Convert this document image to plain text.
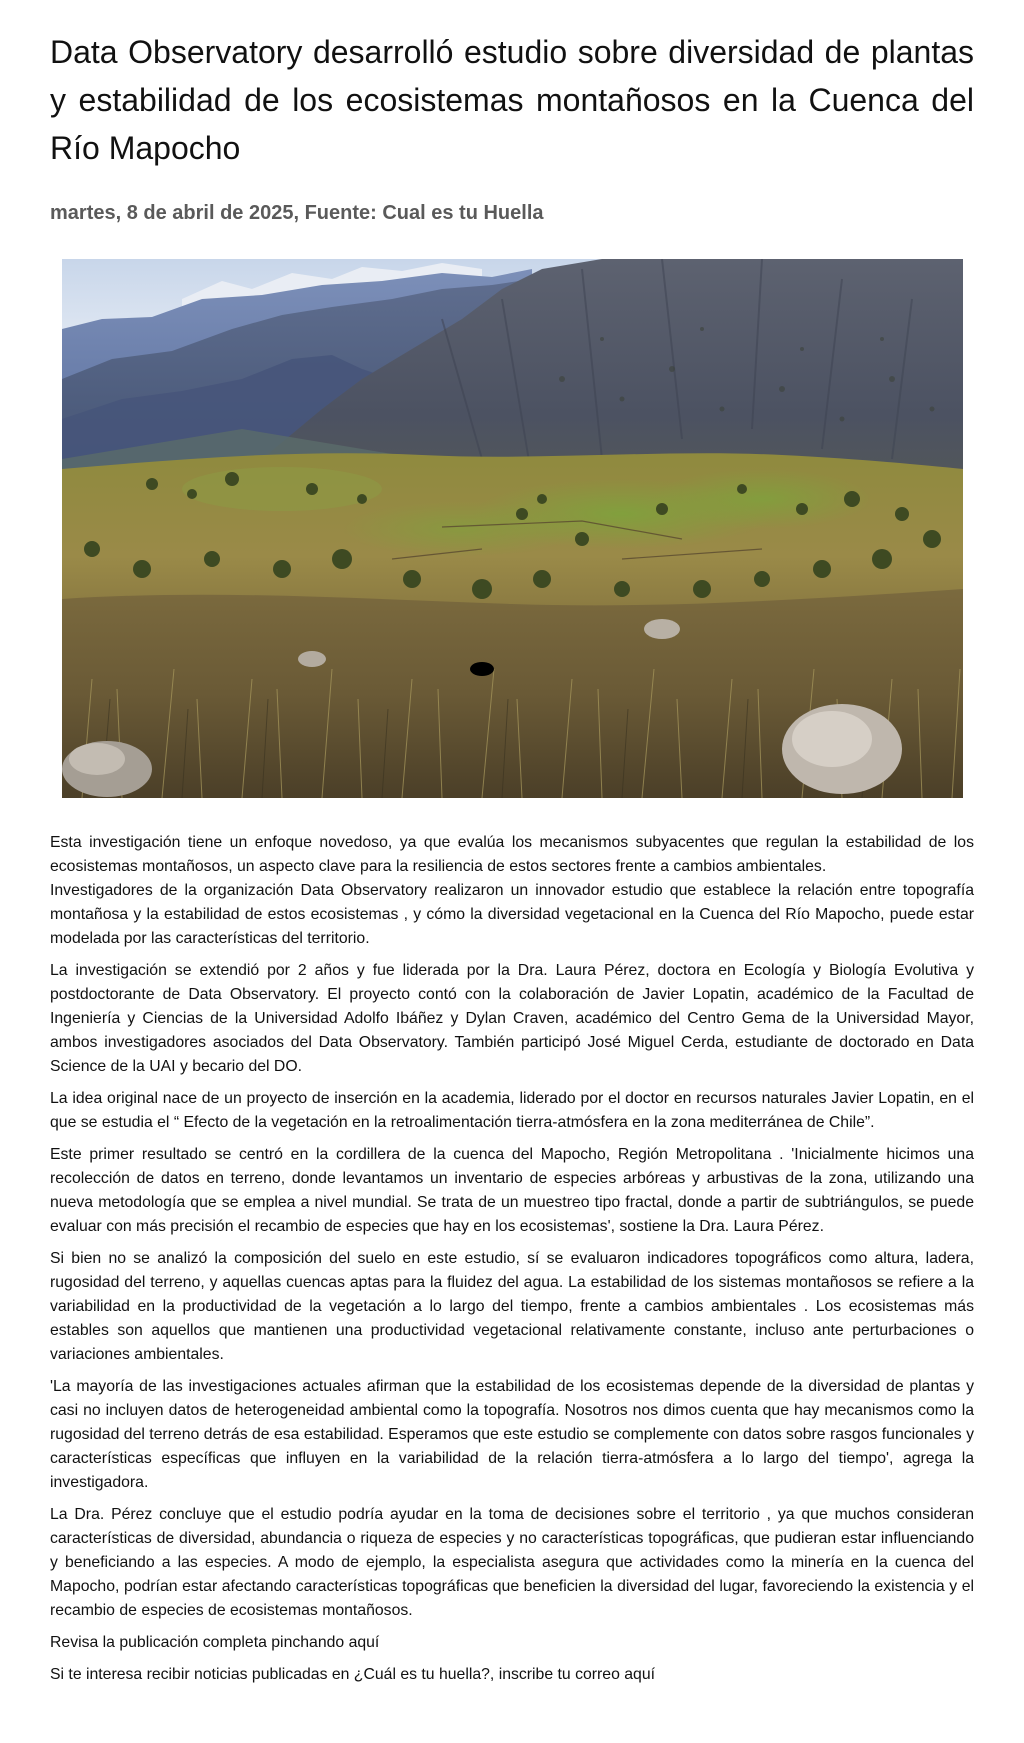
Data Observatory desarrolló estudio sobre diversidad de plantas y estabilidad de los ecosistemas montañosos en la Cuenca del Río Mapocho
martes, 8 de abril de 2025, Fuente: Cual es tu Huella

Esta investigación tiene un enfoque novedoso, ya que evalúa los mecanismos subyacentes que regulan la estabilidad de los ecosistemas montañosos, un aspecto clave para la resiliencia de estos sectores frente a cambios ambientales.

Investigadores de la organización Data Observatory realizaron un innovador estudio que establece la relación entre topografía montañosa y la estabilidad de estos ecosistemas , y cómo la diversidad vegetacional en la Cuenca del Río Mapocho, puede estar modelada por las características del territorio.

La investigación se extendió por 2 años y fue liderada por la Dra. Laura Pérez, doctora en Ecología y Biología Evolutiva y postdoctorante de Data Observatory. El proyecto contó con la colaboración de Javier Lopatin, académico de la Facultad de Ingeniería y Ciencias de la Universidad Adolfo Ibáñez y Dylan Craven, académico del Centro Gema de la Universidad Mayor, ambos investigadores asociados del Data Observatory. También participó José Miguel Cerda, estudiante de doctorado en Data Science de la UAI y becario del DO.

La idea original nace de un proyecto de inserción en la academia, liderado por el doctor en recursos naturales Javier Lopatin, en el que se estudia el “ Efecto de la vegetación en la retroalimentación tierra-atmósfera en la zona mediterránea de Chile”.

Este primer resultado se centró en la cordillera de la cuenca del Mapocho, Región Metropolitana . 'Inicialmente hicimos una recolección de datos en terreno, donde levantamos un inventario de especies arbóreas y arbustivas de la zona, utilizando una nueva metodología que se emplea a nivel mundial. Se trata de un muestreo tipo fractal, donde a partir de subtriángulos, se puede evaluar con más precisión el recambio de especies que hay en los ecosistemas', sostiene la Dra. Laura Pérez.

Si bien no se analizó la composición del suelo en este estudio, sí se evaluaron indicadores topográficos como altura, ladera, rugosidad del terreno, y aquellas cuencas aptas para la fluidez del agua. La estabilidad de los sistemas montañosos se refiere a la variabilidad en la productividad de la vegetación a lo largo del tiempo, frente a cambios ambientales . Los ecosistemas más estables son aquellos que mantienen una productividad vegetacional relativamente constante, incluso ante perturbaciones o variaciones ambientales.

'La mayoría de las investigaciones actuales afirman que la estabilidad de los ecosistemas depende de la diversidad de plantas y casi no incluyen datos de heterogeneidad ambiental como la topografía. Nosotros nos dimos cuenta que hay mecanismos como la rugosidad del terreno detrás de esa estabilidad. Esperamos que este estudio se complemente con datos sobre rasgos funcionales y características específicas que influyen en la variabilidad de la relación tierra-atmósfera a lo largo del tiempo', agrega la investigadora.

La Dra. Pérez concluye que el estudio podría ayudar en la toma de decisiones sobre el territorio , ya que muchos consideran características de diversidad, abundancia o riqueza de especies y no características topográficas, que pudieran estar influenciando y beneficiando a las especies. A modo de ejemplo, la especialista asegura que actividades como la minería en la cuenca del Mapocho, podrían estar afectando características topográficas que beneficien la diversidad del lugar, favoreciendo la existencia y el recambio de especies de ecosistemas montañosos.

Revisa la publicación completa pinchando aquí

Si te interesa recibir noticias publicadas en ¿Cuál es tu huella?, inscribe tu correo aquí
